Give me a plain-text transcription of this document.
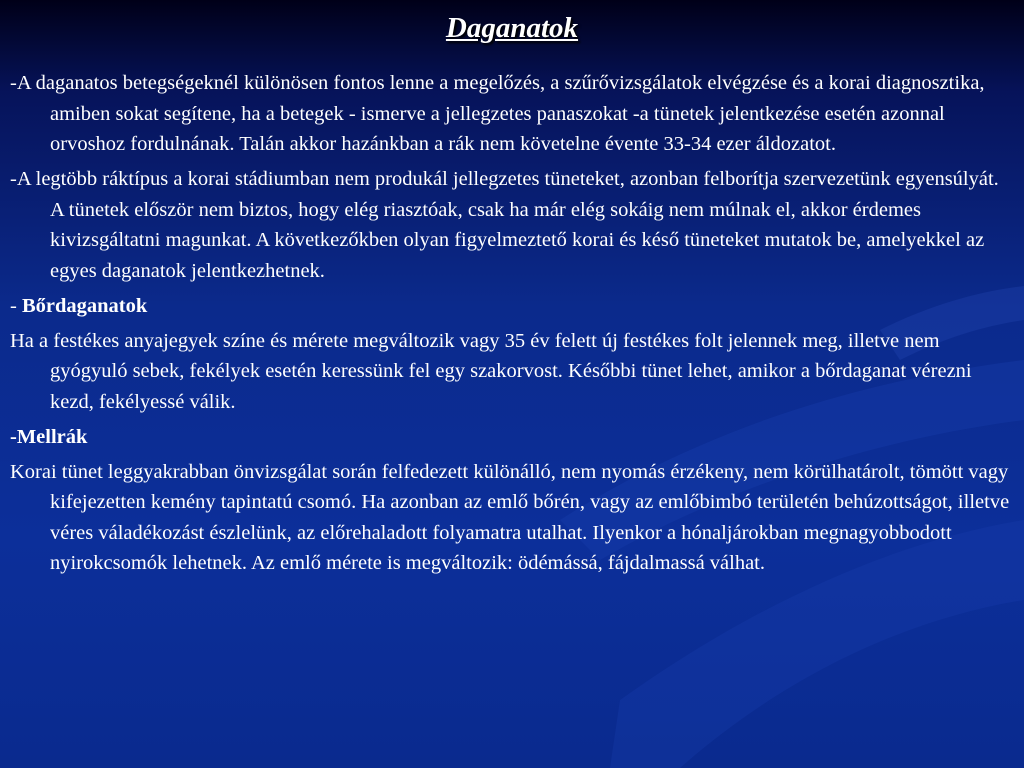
Daganatok

-A daganatos betegségeknél különösen fontos lenne a megelőzés, a szűrővizsgálatok elvégzése és a korai diagnosztika, amiben sokat segítene, ha a betegek - ismerve a jellegzetes panaszokat -a tünetek jelentkezése esetén azonnal orvoshoz fordulnának. Talán akkor hazánkban a rák nem követelne évente 33-34 ezer áldozatot.

-A legtöbb ráktípus a korai stádiumban nem produkál jellegzetes tüneteket, azonban felborítja szervezetünk egyensúlyát. A tünetek először nem biztos, hogy elég riasztóak, csak ha már elég sokáig nem múlnak el, akkor érdemes kivizsgáltatni magunkat. A következőkben olyan figyelmeztető korai és késő tüneteket mutatok be, amelyekkel az egyes daganatok jelentkezhetnek.

- Bőrdaganatok

Ha a festékes anyajegyek színe és mérete megváltozik vagy 35 év felett új festékes folt jelennek meg, illetve nem gyógyuló sebek, fekélyek esetén keressünk fel egy szakorvost. Későbbi tünet lehet, amikor a bőrdaganat vérezni kezd, fekélyessé válik.

-Mellrák

Korai tünet leggyakrabban önvizsgálat során felfedezett különálló, nem nyomás érzékeny, nem körülhatárolt, tömött vagy kifejezetten kemény tapintatú csomó. Ha azonban az emlő bőrén, vagy az emlőbimbó területén behúzottságot, illetve véres váladékozást észlelünk, az előrehaladott folyamatra utalhat. Ilyenkor a hónaljárokban megnagyobbodott nyirokcsomók lehetnek. Az emlő mérete is megváltozik: ödémássá, fájdalmassá válhat.
